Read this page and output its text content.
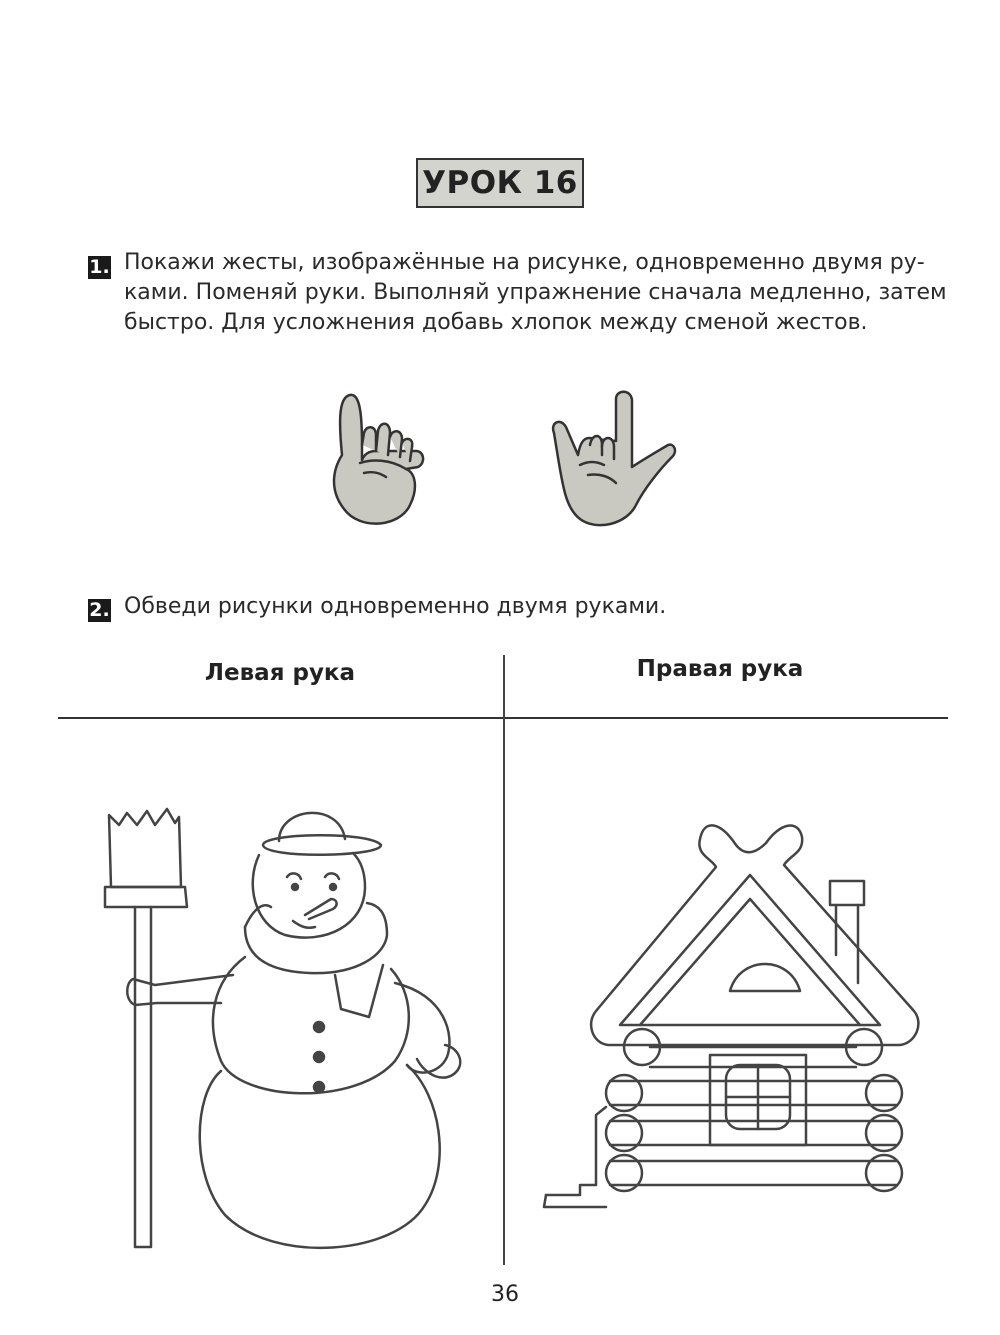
УРОК 16
1. Покажи жесты, изображённые на рисунке, одновременно двумя ру-
ками. Поменяй руки. Выполняй упражнение сначала медленно, затем
быстро. Для усложнения добавь хлопок между сменой жестов.
2. Обведи рисунки одновременно двумя руками.
Левая рука	Правая рука
36
